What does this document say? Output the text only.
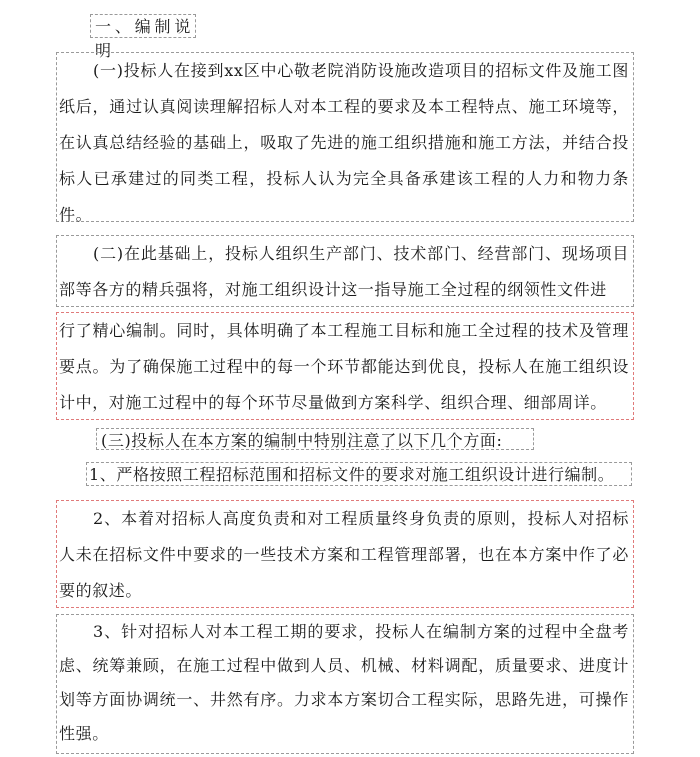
一、编制说明
(一)投标人在接到xx区中心敬老院消防设施改造项目的招标文件及施工图纸后，通过认真阅读理解招标人对本工程的要求及本工程特点、施工环境等，在认真总结经验的基础上，吸取了先进的施工组织措施和施工方法，并结合投标人已承建过的同类工程，投标人认为完全具备承建该工程的人力和物力条件。
(二)在此基础上，投标人组织生产部门、技术部门、经营部门、现场项目部等各方的精兵强将，对施工组织设计这一指导施工全过程的纲领性文件进
行了精心编制。同时，具体明确了本工程施工目标和施工全过程的技术及管理要点。为了确保施工过程中的每一个环节都能达到优良，投标人在施工组织设计中，对施工过程中的每个环节尽量做到方案科学、组织合理、细部周详。
(三)投标人在本方案的编制中特别注意了以下几个方面:
1、严格按照工程招标范围和招标文件的要求对施工组织设计进行编制。
2、本着对招标人高度负责和对工程质量终身负责的原则，投标人对招标人未在招标文件中要求的一些技术方案和工程管理部署，也在本方案中作了必要的叙述。
3、针对招标人对本工程工期的要求，投标人在编制方案的过程中全盘考虑、统筹兼顾，在施工过程中做到人员、机械、材料调配，质量要求、进度计划等方面协调统一、井然有序。力求本方案切合工程实际，思路先进，可操作性强。
